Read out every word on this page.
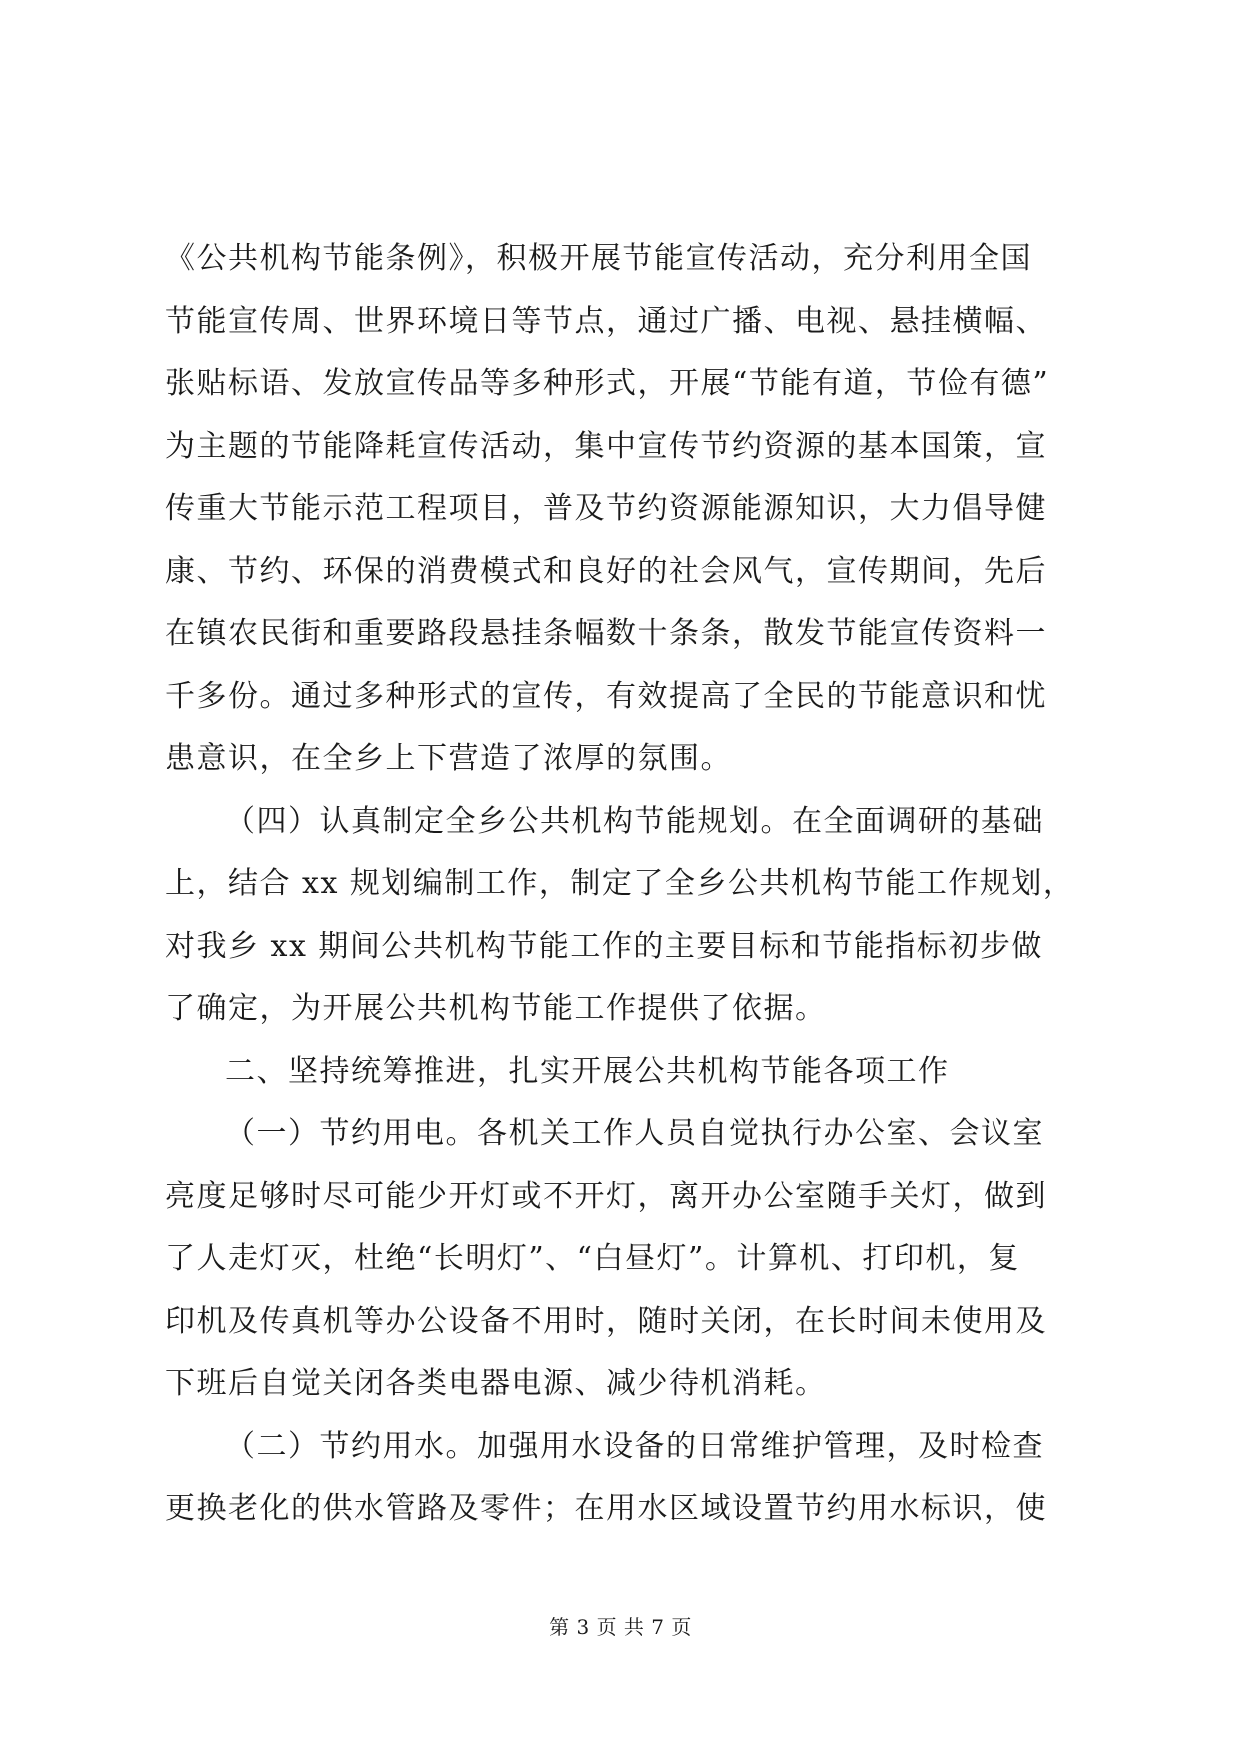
《公共机构节能条例》，积极开展节能宣传活动，充分利用全国
节能宣传周、世界环境日等节点，通过广播、电视、悬挂横幅、
张贴标语、发放宣传品等多种形式，开展“节能有道，节俭有德”
为主题的节能降耗宣传活动，集中宣传节约资源的基本国策，宣
传重大节能示范工程项目，普及节约资源能源知识，大力倡导健
康、节约、环保的消费模式和良好的社会风气，宣传期间，先后
在镇农民街和重要路段悬挂条幅数十条条，散发节能宣传资料一
千多份。通过多种形式的宣传，有效提高了全民的节能意识和忧
患意识，在全乡上下营造了浓厚的氛围。
（四）认真制定全乡公共机构节能规划。在全面调研的基础
上，结合 xx 规划编制工作，制定了全乡公共机构节能工作规划，
对我乡 xx 期间公共机构节能工作的主要目标和节能指标初步做
了确定，为开展公共机构节能工作提供了依据。
二、坚持统筹推进，扎实开展公共机构节能各项工作
（一）节约用电。各机关工作人员自觉执行办公室、会议室
亮度足够时尽可能少开灯或不开灯，离开办公室随手关灯，做到
了人走灯灭，杜绝“长明灯”、“白昼灯”。计算机、打印机，复
印机及传真机等办公设备不用时，随时关闭，在长时间未使用及
下班后自觉关闭各类电器电源、减少待机消耗。
（二）节约用水。加强用水设备的日常维护管理，及时检查
更换老化的供水管路及零件；在用水区域设置节约用水标识，使
第 3 页 共 7 页
